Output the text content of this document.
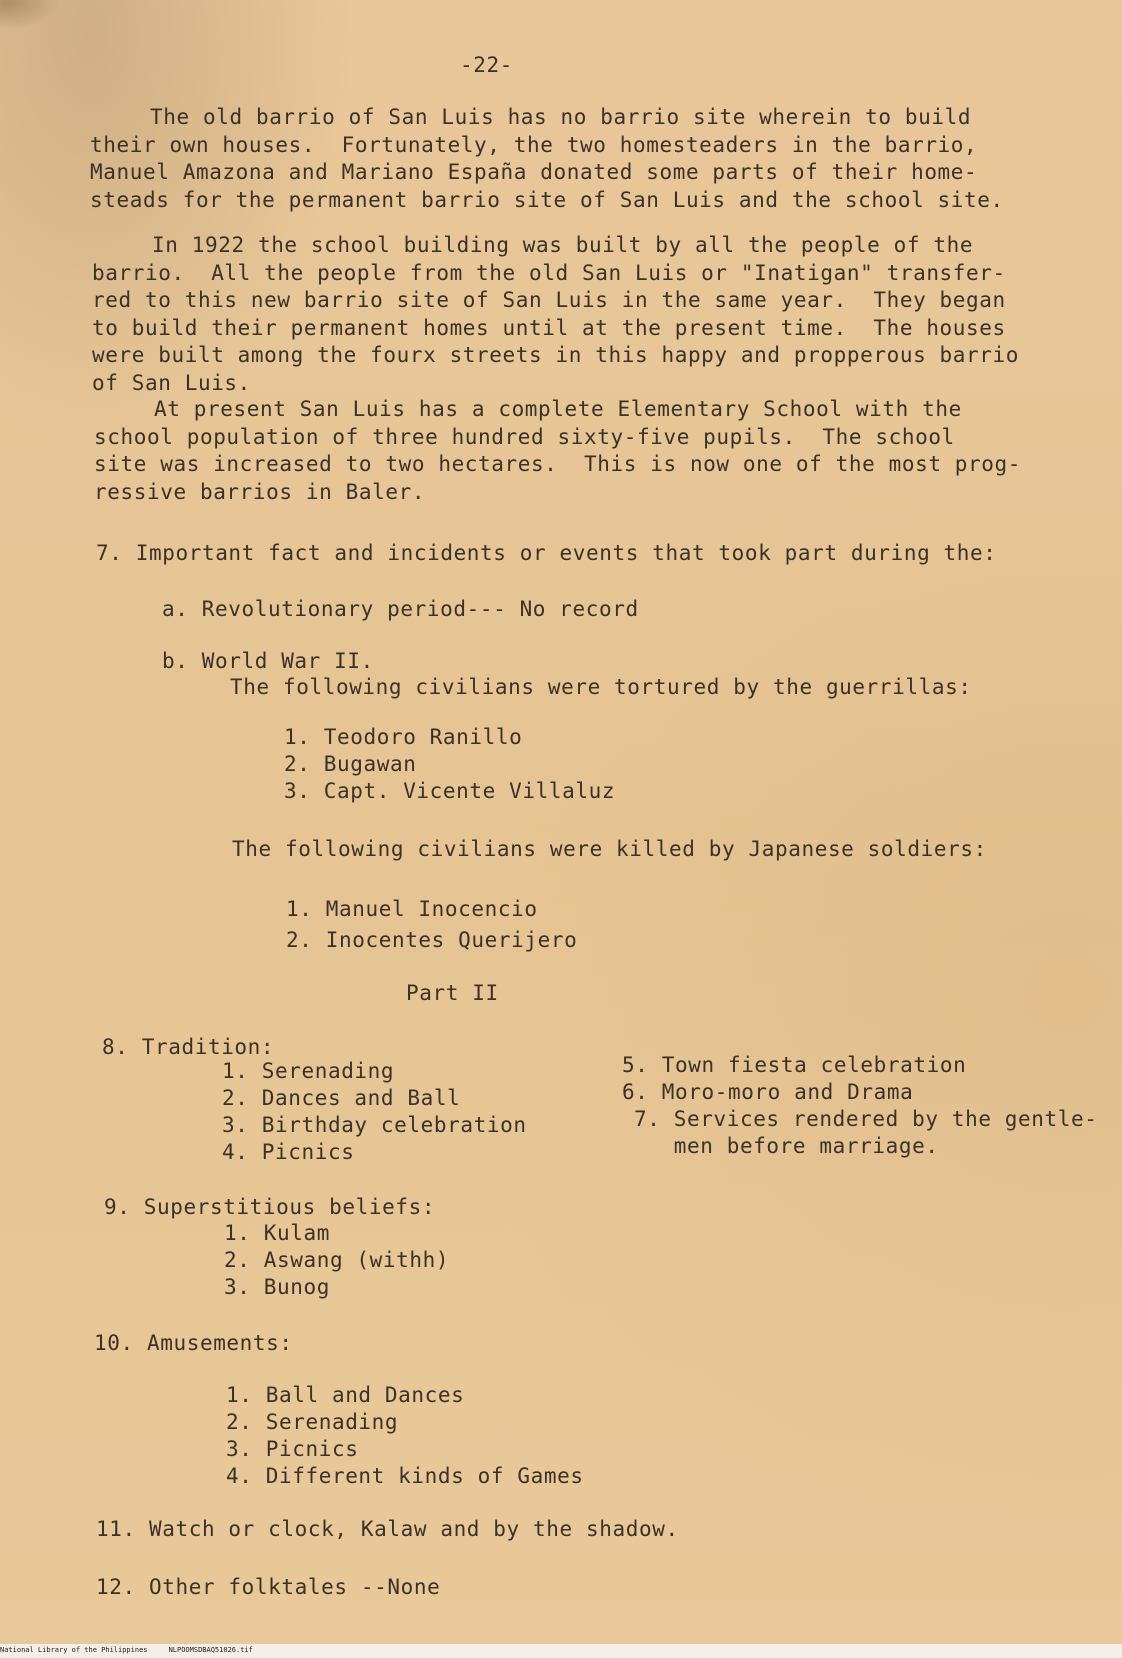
-22-
The old barrio of San Luis has no barrio site wherein to build
their own houses.  Fortunately, the two homesteaders in the barrio,
Manuel Amazona and Mariano España donated some parts of their home-
steads for the permanent barrio site of San Luis and the school site.
In 1922 the school building was built by all the people of the
barrio.  All the people from the old San Luis or "Inatigan" transfer-
red to this new barrio site of San Luis in the same year.  They began
to build their permanent homes until at the present time.  The houses
were built among the fourx streets in this happy and propperous barrio
of San Luis.
At present San Luis has a complete Elementary School with the
school population of three hundred sixty-five pupils.  The school
site was increased to two hectares.  This is now one of the most prog-
ressive barrios in Baler.
7. Important fact and incidents or events that took part during the:
a. Revolutionary period--- No record
b. World War II.
The following civilians were tortured by the guerrillas:
1. Teodoro Ranillo
2. Bugawan
3. Capt. Vicente Villaluz
The following civilians were killed by Japanese soldiers:
1. Manuel Inocencio
2. Inocentes Querijero
Part II
8. Tradition:
1. Serenading
2. Dances and Ball
3. Birthday celebration
4. Picnics
5. Town fiesta celebration
6. Moro-moro and Drama
7. Services rendered by the gentle-
men before marriage.
9. Superstitious beliefs:
1. Kulam
2. Aswang (withh)
3. Bunog
10. Amusements:
1. Ball and Dances
2. Serenading
3. Picnics
4. Different kinds of Games
11. Watch or clock, Kalaw and by the shadow.
12. Other folktales --None
National Library of the Philippines     NLPOOMSDBAQ51026.tif
